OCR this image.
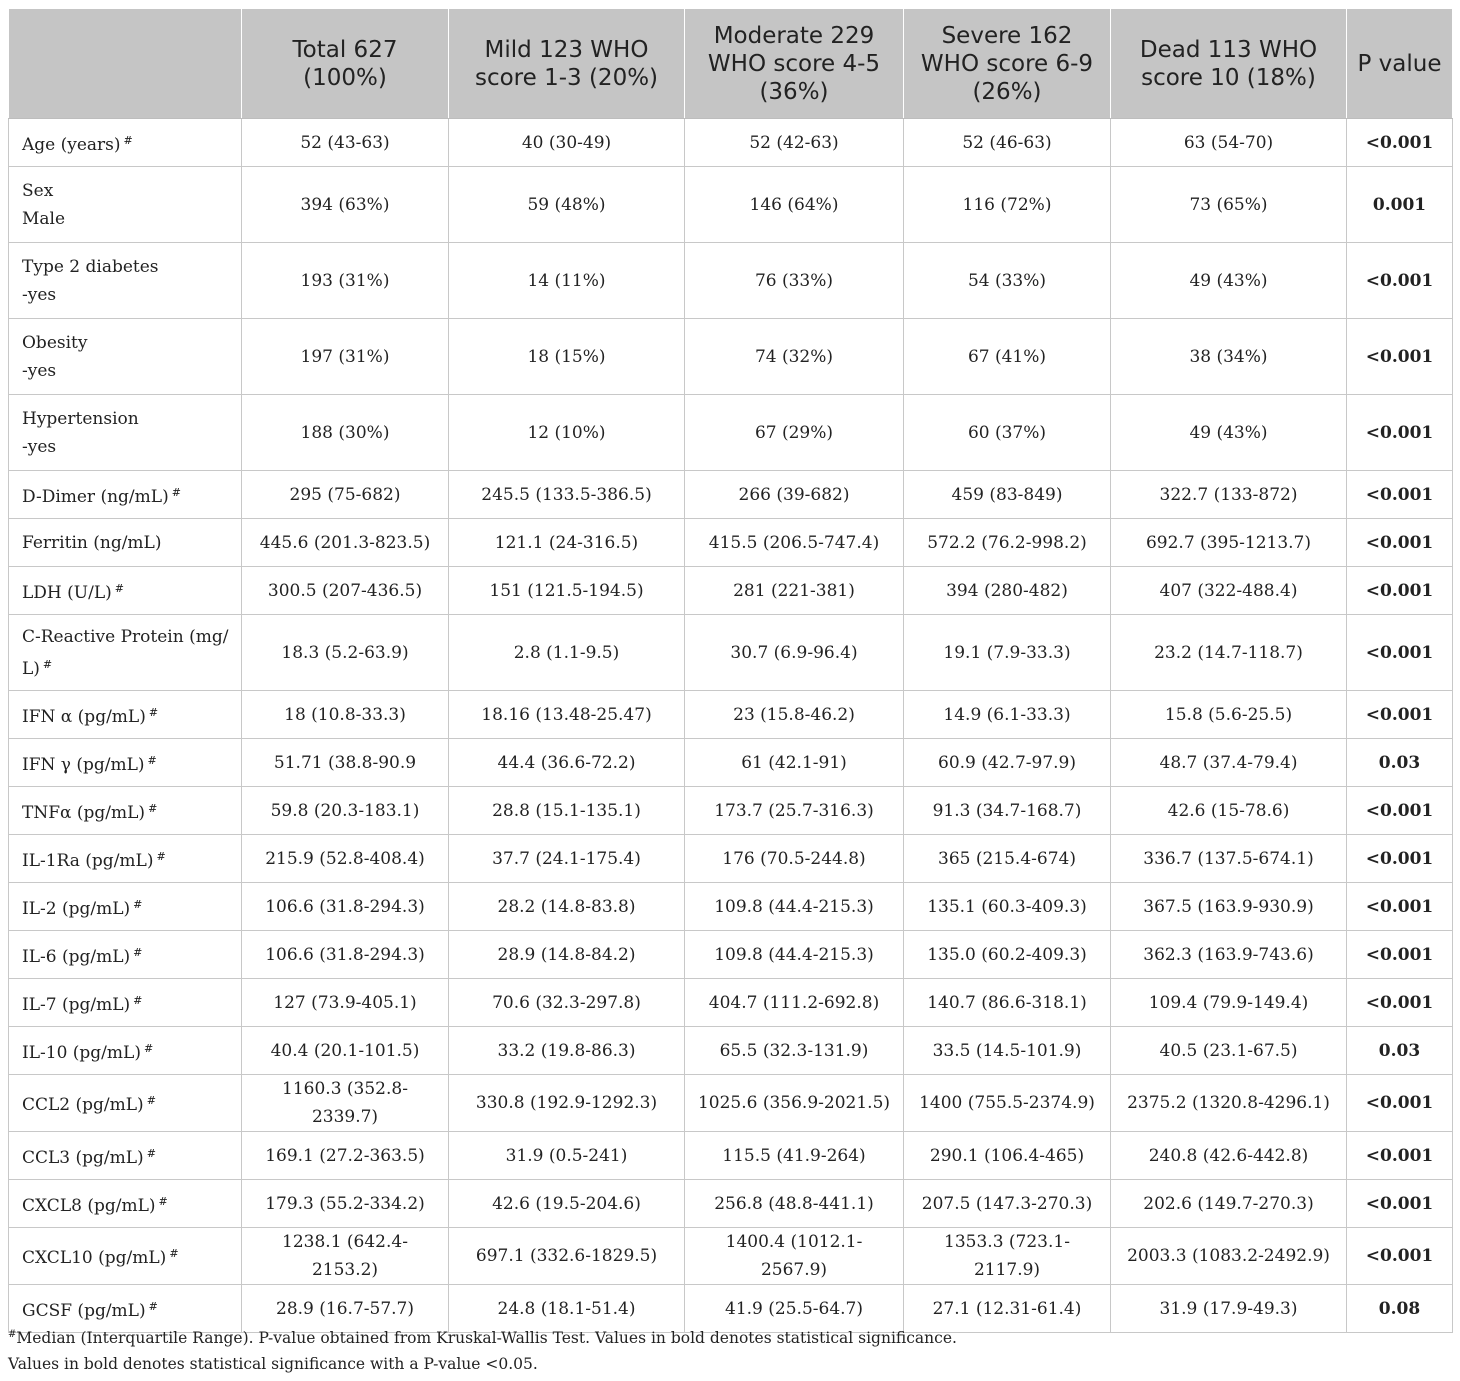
	Total 627 (100%)	Mild 123 WHO score 1-3 (20%)	Moderate 229 WHO score 4-5 (36%)	Severe 162 WHO score 6-9 (26%)	Dead 113 WHO score 10 (18%)	P value
Age (years) #	52 (43-63)	40 (30-49)	52 (42-63)	52 (46-63)	63 (54-70)	<0.001
Sex
Male	394 (63%)	59 (48%)	146 (64%)	116 (72%)	73 (65%)	0.001
Type 2 diabetes
-yes	193 (31%)	14 (11%)	76 (33%)	54 (33%)	49 (43%)	<0.001
Obesity
-yes	197 (31%)	18 (15%)	74 (32%)	67 (41%)	38 (34%)	<0.001
Hypertension
-yes	188 (30%)	12 (10%)	67 (29%)	60 (37%)	49 (43%)	<0.001
D-Dimer (ng/mL) #	295 (75-682)	245.5 (133.5-386.5)	266 (39-682)	459 (83-849)	322.7 (133-872)	<0.001
Ferritin (ng/mL)	445.6 (201.3-823.5)	121.1 (24-316.5)	415.5 (206.5-747.4)	572.2 (76.2-998.2)	692.7 (395-1213.7)	<0.001
LDH (U/L) #	300.5 (207-436.5)	151 (121.5-194.5)	281 (221-381)	394 (280-482)	407 (322-488.4)	<0.001
C-Reactive Protein (mg/
L) #	18.3 (5.2-63.9)	2.8 (1.1-9.5)	30.7 (6.9-96.4)	19.1 (7.9-33.3)	23.2 (14.7-118.7)	<0.001
IFN α (pg/mL) #	18 (10.8-33.3)	18.16 (13.48-25.47)	23 (15.8-46.2)	14.9 (6.1-33.3)	15.8 (5.6-25.5)	<0.001
IFN γ (pg/mL) #	51.71 (38.8-90.9	44.4 (36.6-72.2)	61 (42.1-91)	60.9 (42.7-97.9)	48.7 (37.4-79.4)	0.03
TNFα (pg/mL) #	59.8 (20.3-183.1)	28.8 (15.1-135.1)	173.7 (25.7-316.3)	91.3 (34.7-168.7)	42.6 (15-78.6)	<0.001
IL-1Ra (pg/mL) #	215.9 (52.8-408.4)	37.7 (24.1-175.4)	176 (70.5-244.8)	365 (215.4-674)	336.7 (137.5-674.1)	<0.001
IL-2 (pg/mL) #	106.6 (31.8-294.3)	28.2 (14.8-83.8)	109.8 (44.4-215.3)	135.1 (60.3-409.3)	367.5 (163.9-930.9)	<0.001
IL-6 (pg/mL) #	106.6 (31.8-294.3)	28.9 (14.8-84.2)	109.8 (44.4-215.3)	135.0 (60.2-409.3)	362.3 (163.9-743.6)	<0.001
IL-7 (pg/mL) #	127 (73.9-405.1)	70.6 (32.3-297.8)	404.7 (111.2-692.8)	140.7 (86.6-318.1)	109.4 (79.9-149.4)	<0.001
IL-10 (pg/mL) #	40.4 (20.1-101.5)	33.2 (19.8-86.3)	65.5 (32.3-131.9)	33.5 (14.5-101.9)	40.5 (23.1-67.5)	0.03
CCL2 (pg/mL) #	1160.3 (352.8-2339.7)	330.8 (192.9-1292.3)	1025.6 (356.9-2021.5)	1400 (755.5-2374.9)	2375.2 (1320.8-4296.1)	<0.001
CCL3 (pg/mL) #	169.1 (27.2-363.5)	31.9 (0.5-241)	115.5 (41.9-264)	290.1 (106.4-465)	240.8 (42.6-442.8)	<0.001
CXCL8 (pg/mL) #	179.3 (55.2-334.2)	42.6 (19.5-204.6)	256.8 (48.8-441.1)	207.5 (147.3-270.3)	202.6 (149.7-270.3)	<0.001
CXCL10 (pg/mL) #	1238.1 (642.4-2153.2)	697.1 (332.6-1829.5)	1400.4 (1012.1-2567.9)	1353.3 (723.1-2117.9)	2003.3 (1083.2-2492.9)	<0.001
GCSF (pg/mL) #	28.9 (16.7-57.7)	24.8 (18.1-51.4)	41.9 (25.5-64.7)	27.1 (12.31-61.4)	31.9 (17.9-49.3)	0.08
#Median (Interquartile Range). P-value obtained from Kruskal-Wallis Test. Values in bold denotes statistical significance.
Values in bold denotes statistical significance with a P-value <0.05.
